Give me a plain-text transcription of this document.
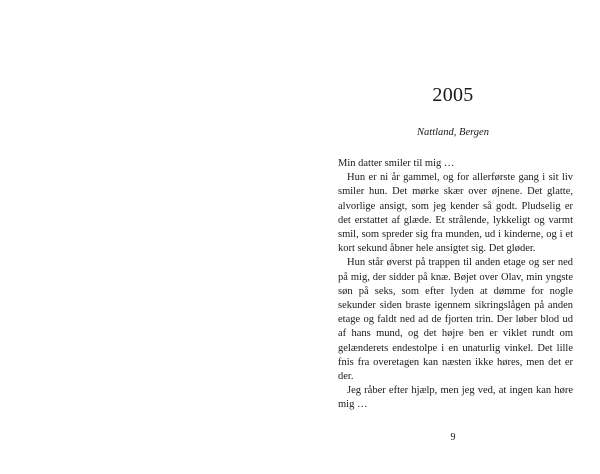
2005
Nattland, Bergen

Min datter smiler til mig …

Hun er ni år gammel, og for allerførste gang i sit liv smiler hun. Det mørke skær over øjnene. Det glatte, alvorlige ansigt, som jeg kender så godt. Pludselig er det erstattet af glæde. Et strålende, lykkeligt og varmt smil, som spreder sig fra munden, ud i kinderne, og i et kort sekund åbner hele ansigtet sig. Det gløder.

Hun står øverst på trappen til anden etage og ser ned på mig, der sidder på knæ. Bøjet over Olav, min yngste søn på seks, som efter lyden at dømme for nogle sekunder siden braste igennem sikringslågen på anden etage og faldt ned ad de fjorten trin. Der løber blod ud af hans mund, og det højre ben er viklet rundt om gelænderets endestolpe i en unaturlig vinkel. Det lille fnis fra overetagen kan næsten ikke høres, men det er der.

Jeg råber efter hjælp, men jeg ved, at ingen kan høre mig …

9
